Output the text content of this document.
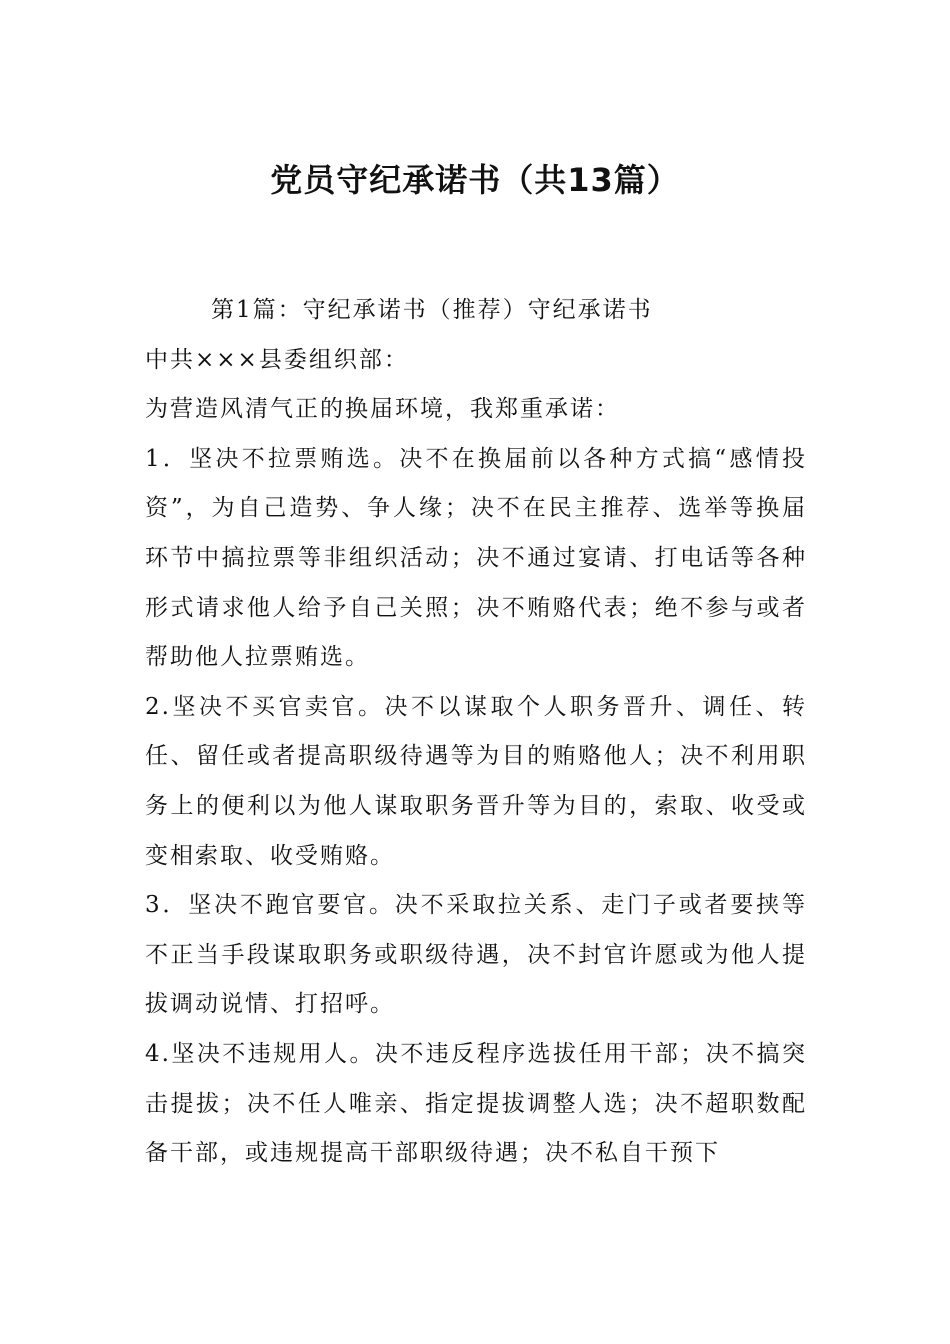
党员守纪承诺书（共13篇）

第1篇：守纪承诺书（推荐）守纪承诺书

中共×××县委组织部：

为营造风清气正的换届环境，我郑重承诺：

1．坚决不拉票贿选。决不在换届前以各种方式搞“感情投资”，为自己造势、争人缘；决不在民主推荐、选举等换届环节中搞拉票等非组织活动；决不通过宴请、打电话等各种形式请求他人给予自己关照；决不贿赂代表；绝不参与或者帮助他人拉票贿选。

2.坚决不买官卖官。决不以谋取个人职务晋升、调任、转任、留任或者提高职级待遇等为目的贿赂他人；决不利用职务上的便利以为他人谋取职务晋升等为目的，索取、收受或变相索取、收受贿赂。

3．坚决不跑官要官。决不采取拉关系、走门子或者要挟等不正当手段谋取职务或职级待遇，决不封官许愿或为他人提拔调动说情、打招呼。

4.坚决不违规用人。决不违反程序选拔任用干部；决不搞突击提拔；决不任人唯亲、指定提拔调整人选；决不超职数配备干部，或违规提高干部职级待遇；决不私自干预下
